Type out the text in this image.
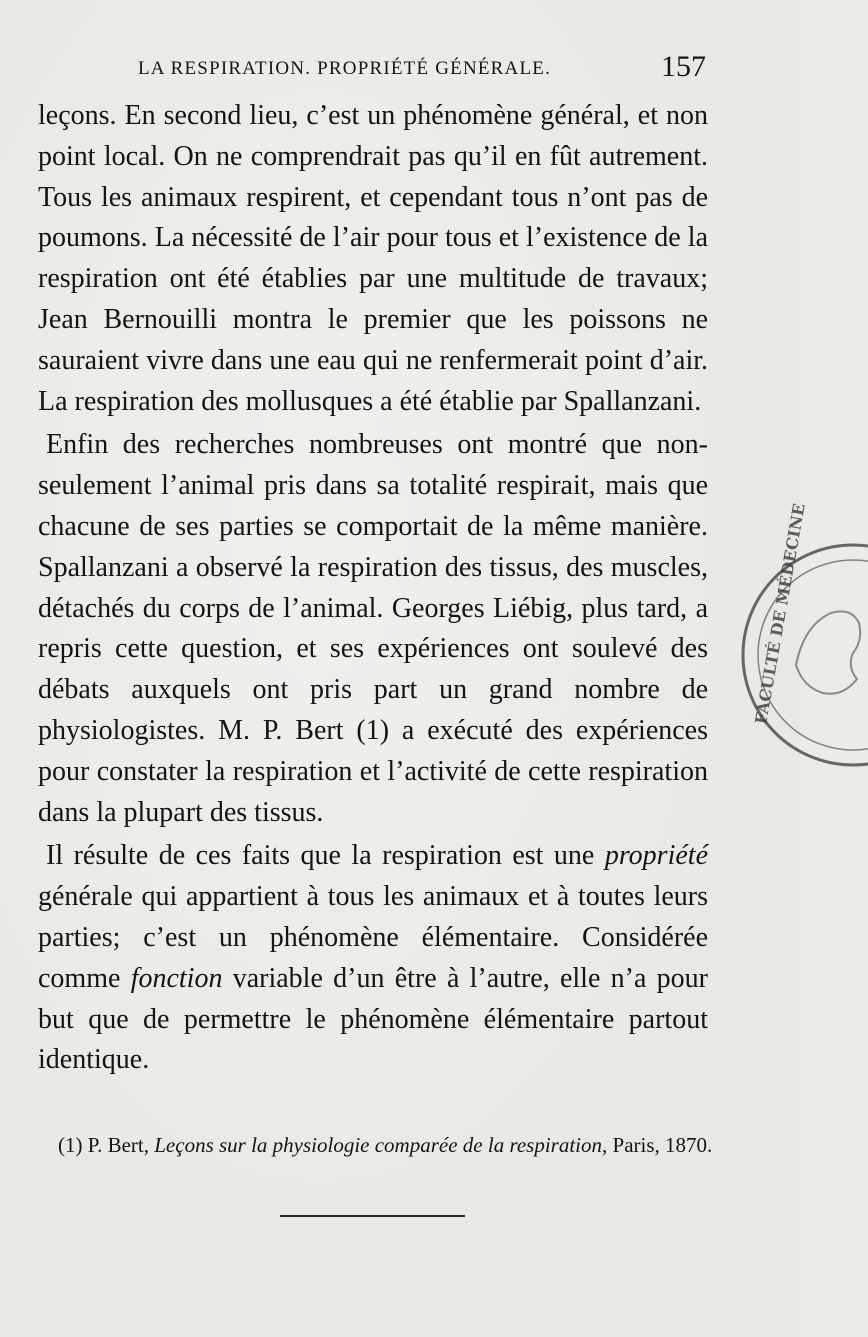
LA RESPIRATION. PROPRIÉTÉ GÉNÉRALE.	157

leçons. En second lieu, c’est un phénomène général, et non point local. On ne comprendrait pas qu’il en fût autrement. Tous les animaux respirent, et cependant tous n’ont pas de poumons. La nécessité de l’air pour tous et l’existence de la respiration ont été établies par une multitude de travaux; Jean Bernouilli montra le premier que les poissons ne sauraient vivre dans une eau qui ne renfermerait point d’air. La respiration des mollusques a été établie par Spallanzani.

Enfin des recherches nombreuses ont montré que non-seulement l’animal pris dans sa totalité respirait, mais que chacune de ses parties se comportait de la même manière. Spallanzani a observé la respiration des tissus, des muscles, détachés du corps de l’animal. Georges Liébig, plus tard, a repris cette question, et ses expériences ont soulevé des débats auxquels ont pris part un grand nombre de physiologistes. M. P. Bert (1) a exécuté des expériences pour constater la respiration et l’activité de cette respiration dans la plupart des tissus.

Il résulte de ces faits que la respiration est une propriété générale qui appartient à tous les animaux et à toutes leurs parties; c’est un phénomène élémentaire. Considérée comme fonction variable d’un être à l’autre, elle n’a pour but que de permettre le phénomène élémentaire partout identique.

(1) P. Bert, Leçons sur la physiologie comparée de la respiration, Paris, 1870.
FACULTÉ DE MÉDECINE
